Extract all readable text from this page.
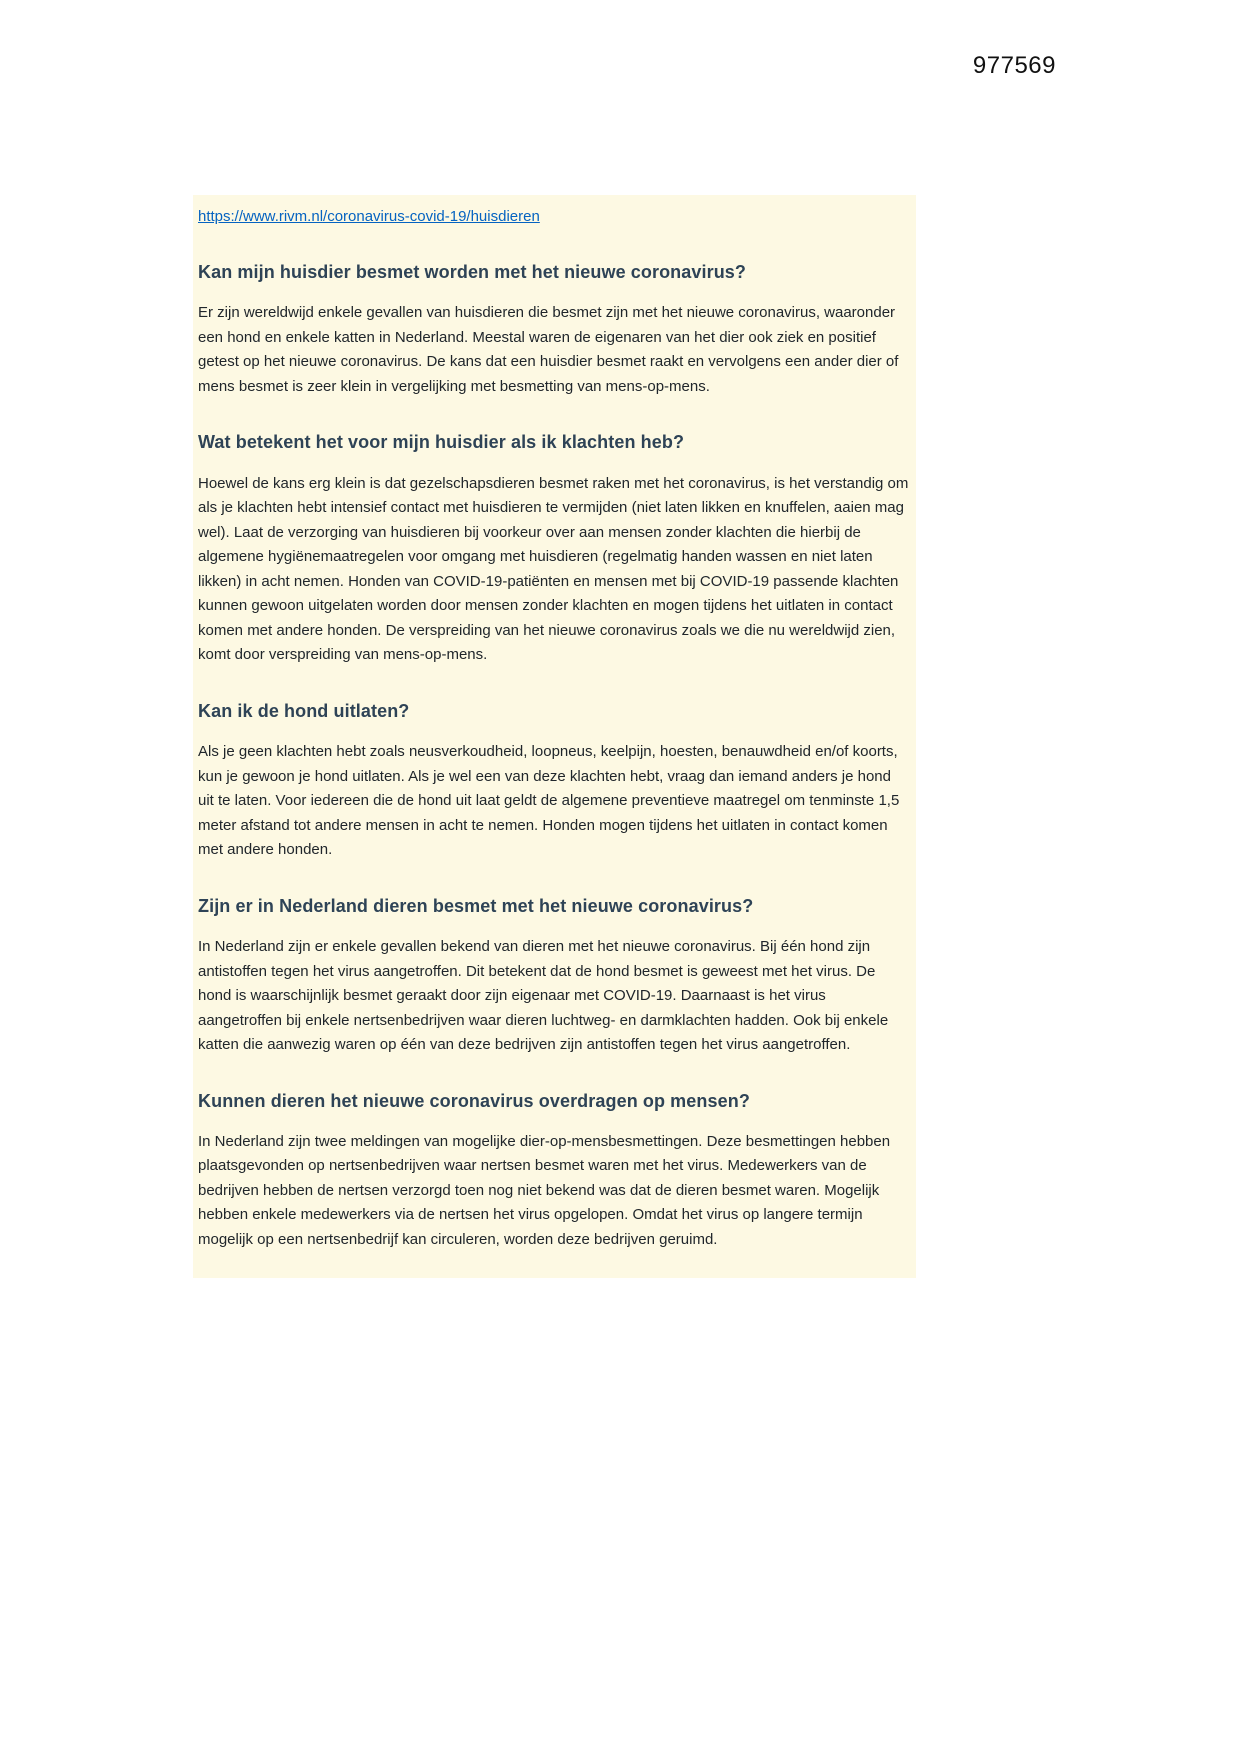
977569

https://www.rivm.nl/coronavirus-covid-19/huisdieren

Kan mijn huisdier besmet worden met het nieuwe coronavirus?

Er zijn wereldwijd enkele gevallen van huisdieren die besmet zijn met het nieuwe coronavirus, waaronder een hond en enkele katten in Nederland. Meestal waren de eigenaren van het dier ook ziek en positief getest op het nieuwe coronavirus. De kans dat een huisdier besmet raakt en vervolgens een ander dier of mens besmet is zeer klein in vergelijking met besmetting van mens-op-mens.

Wat betekent het voor mijn huisdier als ik klachten heb?

Hoewel de kans erg klein is dat gezelschapsdieren besmet raken met het coronavirus, is het verstandig om als je klachten hebt intensief contact met huisdieren te vermijden (niet laten likken en knuffelen, aaien mag wel). Laat de verzorging van huisdieren bij voorkeur over aan mensen zonder klachten die hierbij de algemene hygiënemaatregelen voor omgang met huisdieren (regelmatig handen wassen en niet laten likken) in acht nemen. Honden van COVID-19-patiënten en mensen met bij COVID-19 passende klachten kunnen gewoon uitgelaten worden door mensen zonder klachten en mogen tijdens het uitlaten in contact komen met andere honden. De verspreiding van het nieuwe coronavirus zoals we die nu wereldwijd zien, komt door verspreiding van mens-op-mens.

Kan ik de hond uitlaten?

Als je geen klachten hebt zoals neusverkoudheid, loopneus, keelpijn, hoesten, benauwdheid en/of koorts, kun je gewoon je hond uitlaten. Als je wel een van deze klachten hebt, vraag dan iemand anders je hond uit te laten. Voor iedereen die de hond uit laat geldt de algemene preventieve maatregel om tenminste 1,5 meter afstand tot andere mensen in acht te nemen. Honden mogen tijdens het uitlaten in contact komen met andere honden.

Zijn er in Nederland dieren besmet met het nieuwe coronavirus?

In Nederland zijn er enkele gevallen bekend van dieren met het nieuwe coronavirus. Bij één hond zijn antistoffen tegen het virus aangetroffen. Dit betekent dat de hond besmet is geweest met het virus. De hond is waarschijnlijk besmet geraakt door zijn eigenaar met COVID-19. Daarnaast is het virus aangetroffen bij enkele nertsenbedrijven waar dieren luchtweg- en darmklachten hadden. Ook bij enkele katten die aanwezig waren op één van deze bedrijven zijn antistoffen tegen het virus aangetroffen.

Kunnen dieren het nieuwe coronavirus overdragen op mensen?

In Nederland zijn twee meldingen van mogelijke dier-op-mensbesmettingen. Deze besmettingen hebben plaatsgevonden op nertsenbedrijven waar nertsen besmet waren met het virus. Medewerkers van de bedrijven hebben de nertsen verzorgd toen nog niet bekend was dat de dieren besmet waren. Mogelijk hebben enkele medewerkers via de nertsen het virus opgelopen. Omdat het virus op langere termijn mogelijk op een nertsenbedrijf kan circuleren, worden deze bedrijven geruimd.
